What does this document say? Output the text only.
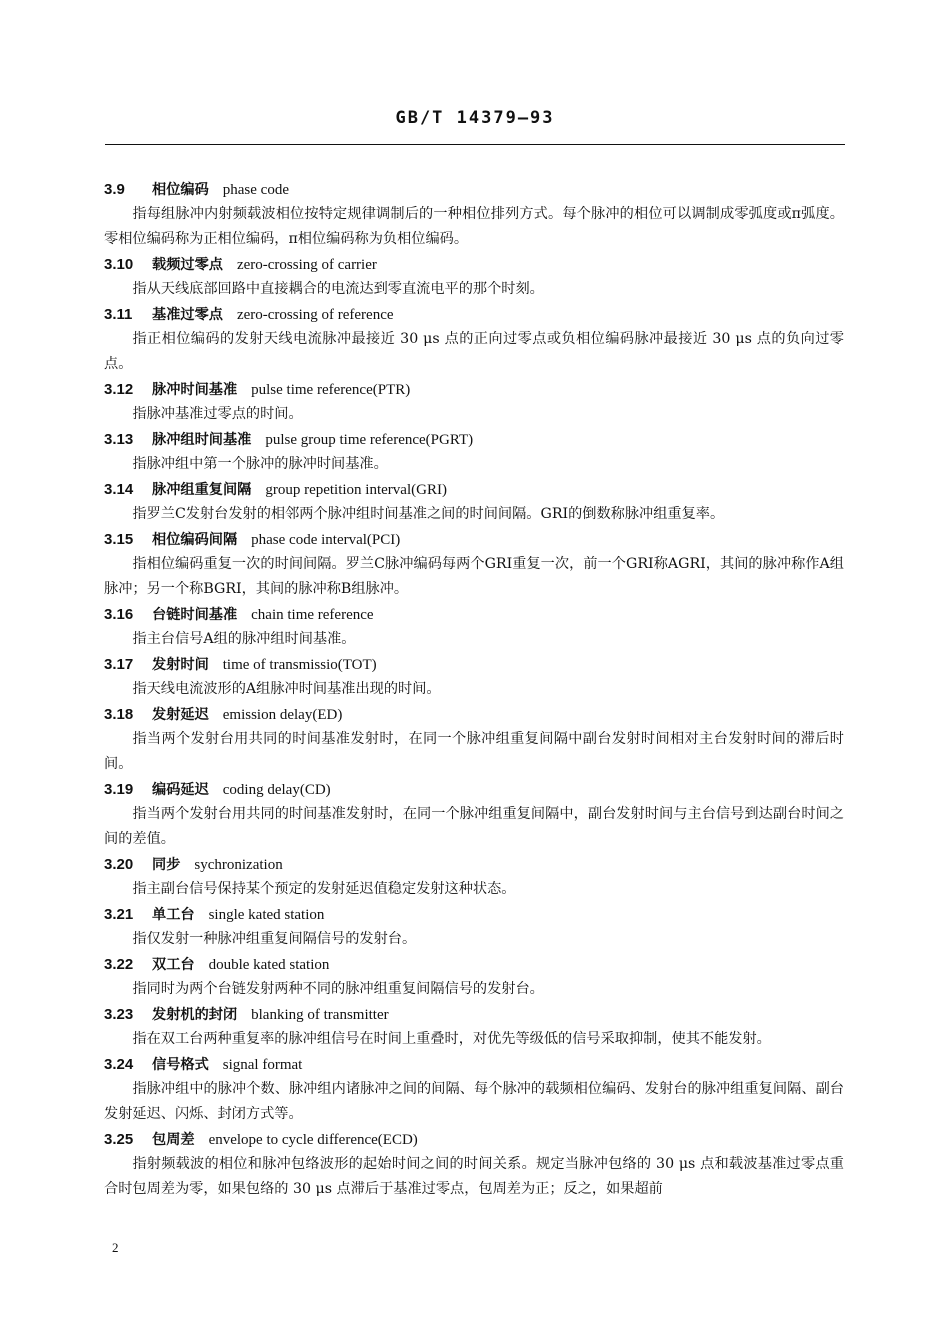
GB/T 14379—93
3.9 相位编码 phase code

指每组脉冲内射频载波相位按特定规律调制后的一种相位排列方式。每个脉冲的相位可以调制成零弧度或π弧度。零相位编码称为正相位编码，π相位编码称为负相位编码。

3.10 载频过零点 zero-crossing of carrier

指从天线底部回路中直接耦合的电流达到零直流电平的那个时刻。

3.11 基准过零点 zero-crossing of reference

指正相位编码的发射天线电流脉冲最接近 30 μs 点的正向过零点或负相位编码脉冲最接近 30 μs 点的负向过零点。

3.12 脉冲时间基准 pulse time reference(PTR)

指脉冲基准过零点的时间。

3.13 脉冲组时间基准 pulse group time reference(PGRT)

指脉冲组中第一个脉冲的脉冲时间基准。

3.14 脉冲组重复间隔 group repetition interval(GRI)

指罗兰C发射台发射的相邻两个脉冲组时间基准之间的时间间隔。GRI的倒数称脉冲组重复率。

3.15 相位编码间隔 phase code interval(PCI)

指相位编码重复一次的时间间隔。罗兰C脉冲编码每两个GRI重复一次，前一个GRI称AGRI，其间的脉冲称作A组脉冲；另一个称BGRI，其间的脉冲称B组脉冲。

3.16 台链时间基准 chain time reference

指主台信号A组的脉冲组时间基准。

3.17 发射时间 time of transmissio(TOT)

指天线电流波形的A组脉冲时间基准出现的时间。

3.18 发射延迟 emission delay(ED)

指当两个发射台用共同的时间基准发射时，在同一个脉冲组重复间隔中副台发射时间相对主台发射时间的滞后时间。

3.19 编码延迟 coding delay(CD)

指当两个发射台用共同的时间基准发射时，在同一个脉冲组重复间隔中，副台发射时间与主台信号到达副台时间之间的差值。

3.20 同步 sychronization

指主副台信号保持某个预定的发射延迟值稳定发射这种状态。

3.21 单工台 single kated station

指仅发射一种脉冲组重复间隔信号的发射台。

3.22 双工台 double kated station

指同时为两个台链发射两种不同的脉冲组重复间隔信号的发射台。

3.23 发射机的封闭 blanking of transmitter

指在双工台两种重复率的脉冲组信号在时间上重叠时，对优先等级低的信号采取抑制，使其不能发射。

3.24 信号格式 signal format

指脉冲组中的脉冲个数、脉冲组内诸脉冲之间的间隔、每个脉冲的载频相位编码、发射台的脉冲组重复间隔、副台发射延迟、闪烁、封闭方式等。

3.25 包周差 envelope to cycle difference(ECD)

指射频载波的相位和脉冲包络波形的起始时间之间的时间关系。规定当脉冲包络的 30 μs 点和载波基准过零点重合时包周差为零，如果包络的 30 μs 点滞后于基准过零点，包周差为正；反之，如果超前

2
